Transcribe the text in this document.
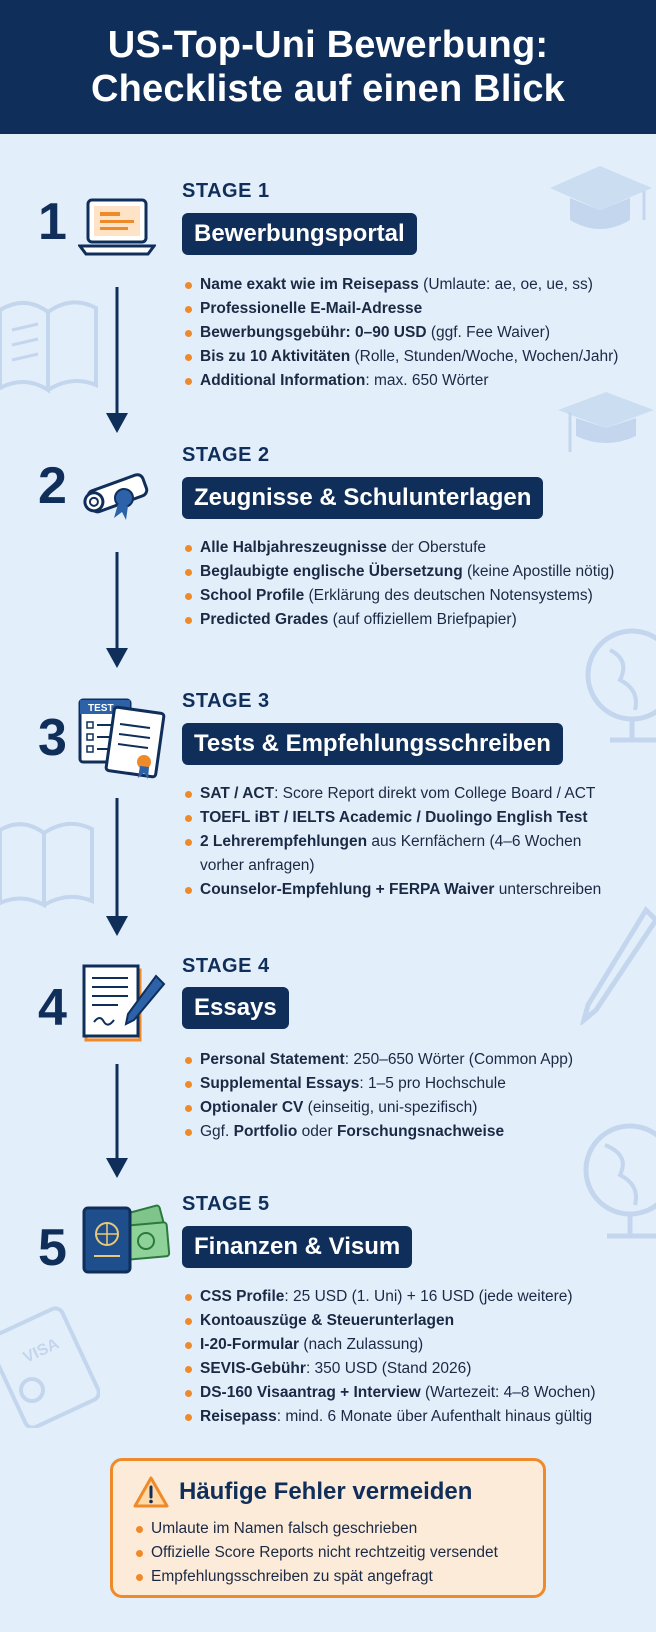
US-Top-Uni Bewerbung:
Checkliste auf einen Blick
VISA
1
STAGE 1
Bewerbungsportal
Name exakt wie im Reisepass (Umlaute: ae, oe, ue, ss)
Professionelle E-Mail-Adresse
Bewerbungsgebühr: 0–90 USD (ggf. Fee Waiver)
Bis zu 10 Aktivitäten (Rolle, Stunden/Woche, Wochen/Jahr)
Additional Information: max. 650 Wörter
2
STAGE 2
Zeugnisse & Schulunterlagen
Alle Halbjahreszeugnisse der Oberstufe
Beglaubigte englische Übersetzung (keine Apostille nötig)
School Profile (Erklärung des deutschen Notensystems)
Predicted Grades (auf offiziellem Briefpapier)
3
TEST	STAGE 3
Tests & Empfehlungsschreiben
SAT / ACT: Score Report direkt vom College Board / ACT
TOEFL iBT / IELTS Academic / Duolingo English Test
2 Lehrerempfehlungen aus Kernfächern (4–6 Wochen vorher anfragen)
Counselor-Empfehlung + FERPA Waiver unterschreiben
4
STAGE 4
Essays
Personal Statement: 250–650 Wörter (Common App)
Supplemental Essays: 1–5 pro Hochschule
Optionaler CV (einseitig, uni-spezifisch)
Ggf. Portfolio oder Forschungsnachweise
5
STAGE 5
Finanzen & Visum
CSS Profile: 25 USD (1. Uni) + 16 USD (jede weitere)
Kontoauszüge & Steuerunterlagen
I-20-Formular (nach Zulassung)
SEVIS-Gebühr: 350 USD (Stand 2026)
DS-160 Visaantrag + Interview (Wartezeit: 4–8 Wochen)
Reisepass: mind. 6 Monate über Aufenthalt hinaus gültig
Häufige Fehler vermeiden
Umlaute im Namen falsch geschrieben
Offizielle Score Reports nicht rechtzeitig versendet
Empfehlungsschreiben zu spät angefragt
